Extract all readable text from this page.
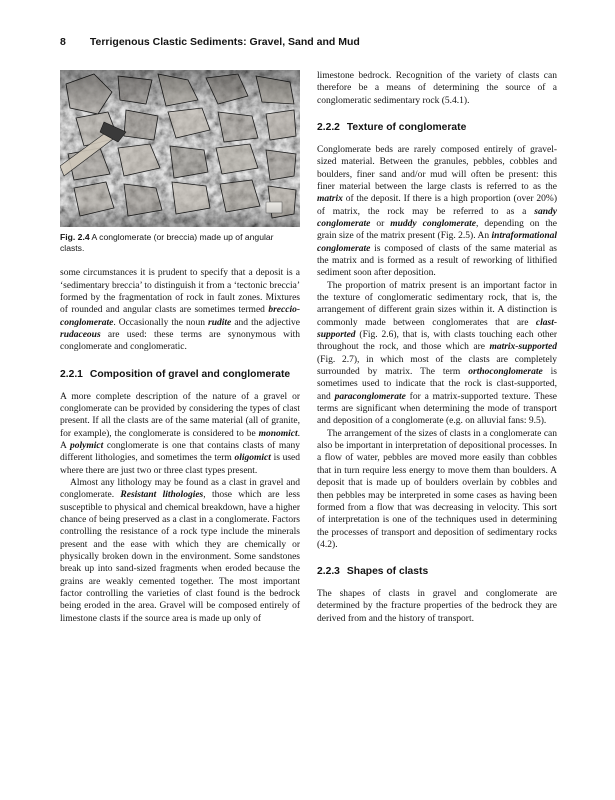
8 Terrigenous Clastic Sediments: Gravel, Sand and Mud
Fig. 2.4 A conglomerate (or breccia) made up of angular clasts.

some circumstances it is prudent to specify that a deposit is a ‘sedimentary breccia’ to distinguish it from a ‘tectonic breccia’ formed by the fragmentation of rock in fault zones. Mixtures of rounded and angular clasts are sometimes termed breccio-conglomerate. Occasionally the noun rudite and the adjective rudaceous are used: these terms are synonymous with conglomerate and conglomeratic.

2.2.1 Composition of gravel and conglomerate

A more complete description of the nature of a gravel or conglomerate can be provided by considering the types of clast present. If all the clasts are of the same material (all of granite, for example), the conglomerate is considered to be monomict. A polymict conglomerate is one that contains clasts of many different lithologies, and sometimes the term oligomict is used where there are just two or three clast types present.

Almost any lithology may be found as a clast in gravel and conglomerate. Resistant lithologies, those which are less susceptible to physical and chemical breakdown, have a higher chance of being preserved as a clast in a conglomerate. Factors controlling the resistance of a rock type include the minerals present and the ease with which they are chemically or physically broken down in the environment. Some sandstones break up into sand-sized fragments when eroded because the grains are weakly cemented together. The most important factor controlling the varieties of clast found is the bedrock being eroded in the area. Gravel will be composed entirely of limestone clasts if the source area is made up only of

limestone bedrock. Recognition of the variety of clasts can therefore be a means of determining the source of a conglomeratic sedimentary rock (5.4.1).

2.2.2 Texture of conglomerate

Conglomerate beds are rarely composed entirely of gravel-sized material. Between the granules, pebbles, cobbles and boulders, finer sand and/or mud will often be present: this finer material between the large clasts is referred to as the matrix of the deposit. If there is a high proportion (over 20%) of matrix, the rock may be referred to as a sandy conglomerate or muddy conglomerate, depending on the grain size of the matrix present (Fig. 2.5). An intraformational conglomerate is composed of clasts of the same material as the matrix and is formed as a result of reworking of lithified sediment soon after deposition.

The proportion of matrix present is an important factor in the texture of conglomeratic sedimentary rock, that is, the arrangement of different grain sizes within it. A distinction is commonly made between conglomerates that are clast-supported (Fig. 2.6), that is, with clasts touching each other throughout the rock, and those which are matrix-supported (Fig. 2.7), in which most of the clasts are completely surrounded by matrix. The term orthoconglomerate is sometimes used to indicate that the rock is clast-supported, and paraconglomerate for a matrix-supported texture. These terms are significant when determining the mode of transport and deposition of a conglomerate (e.g. on alluvial fans: 9.5).

The arrangement of the sizes of clasts in a conglomerate can also be important in interpretation of depositional processes. In a flow of water, pebbles are moved more easily than cobbles that in turn require less energy to move them than boulders. A deposit that is made up of boulders overlain by cobbles and then pebbles may be interpreted in some cases as having been formed from a flow that was decreasing in velocity. This sort of interpretation is one of the techniques used in determining the processes of transport and deposition of sedimentary rocks (4.2).

2.2.3 Shapes of clasts

The shapes of clasts in gravel and conglomerate are determined by the fracture properties of the bedrock they are derived from and the history of transport.
